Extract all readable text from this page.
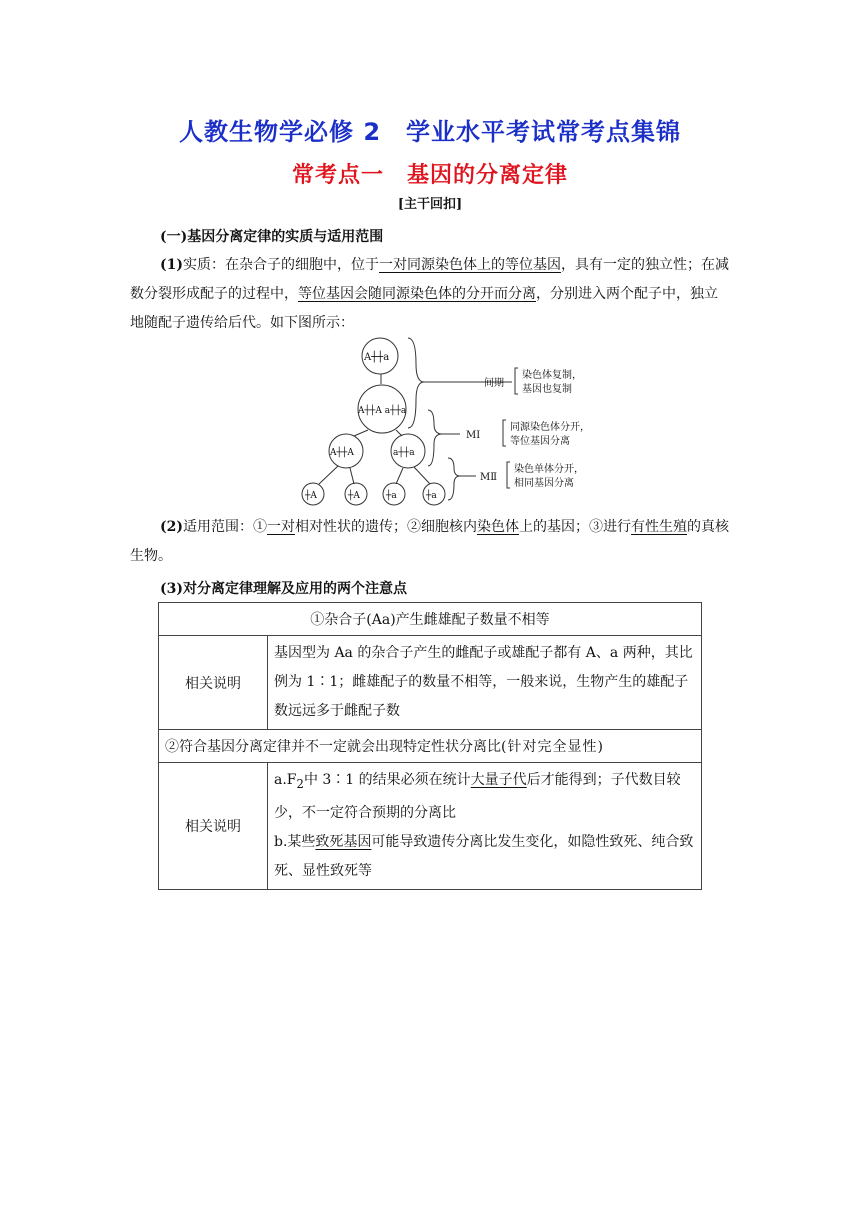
人教生物学必修 2　学业水平考试常考点集锦
常考点一　基因的分离定律
[主干回扣]
(一)基因分离定律的实质与适用范围
(1)实质：在杂合子的细胞中，位于一对同源染色体上的等位基因，具有一定的独立性；在减数分裂形成配子的过程中，等位基因会随同源染色体的分开而分离，分别进入两个配子中，独立地随配子遗传给后代。如下图所示：
A┼┼a
A┼┼A a┼┼a
A┼┼A	a┼┼a
┼A	┼A	┼a	┼a
间期
染色体复制，
基因也复制
MⅠ
同源染色体分开，
等位基因分离
MⅡ
染色单体分开，
相同基因分离
(2)适用范围：①一对相对性状的遗传；②细胞核内染色体上的基因；③进行有性生殖的真核生物。
(3)对分离定律理解及应用的两个注意点
①杂合子(Aa)产生雌雄配子数量不相等	
相关说明	基因型为 Aa 的杂合子产生的雌配子或雄配子都有 A、a 两种，其比例为 1∶1；雌雄配子的数量不相等，一般来说，生物产生的雄配子数远远多于雌配子数
②符合基因分离定律并不一定就会出现特定性状分离比(针对完全显性)	
相关说明	$a.F_2$中 3∶1 的结果必须在统计大量子代后才能得到；子代数目较少，不一定符合预期的分离比
b.某些致死基因可能导致遗传分离比发生变化，如隐性致死、纯合致死、显性致死等
